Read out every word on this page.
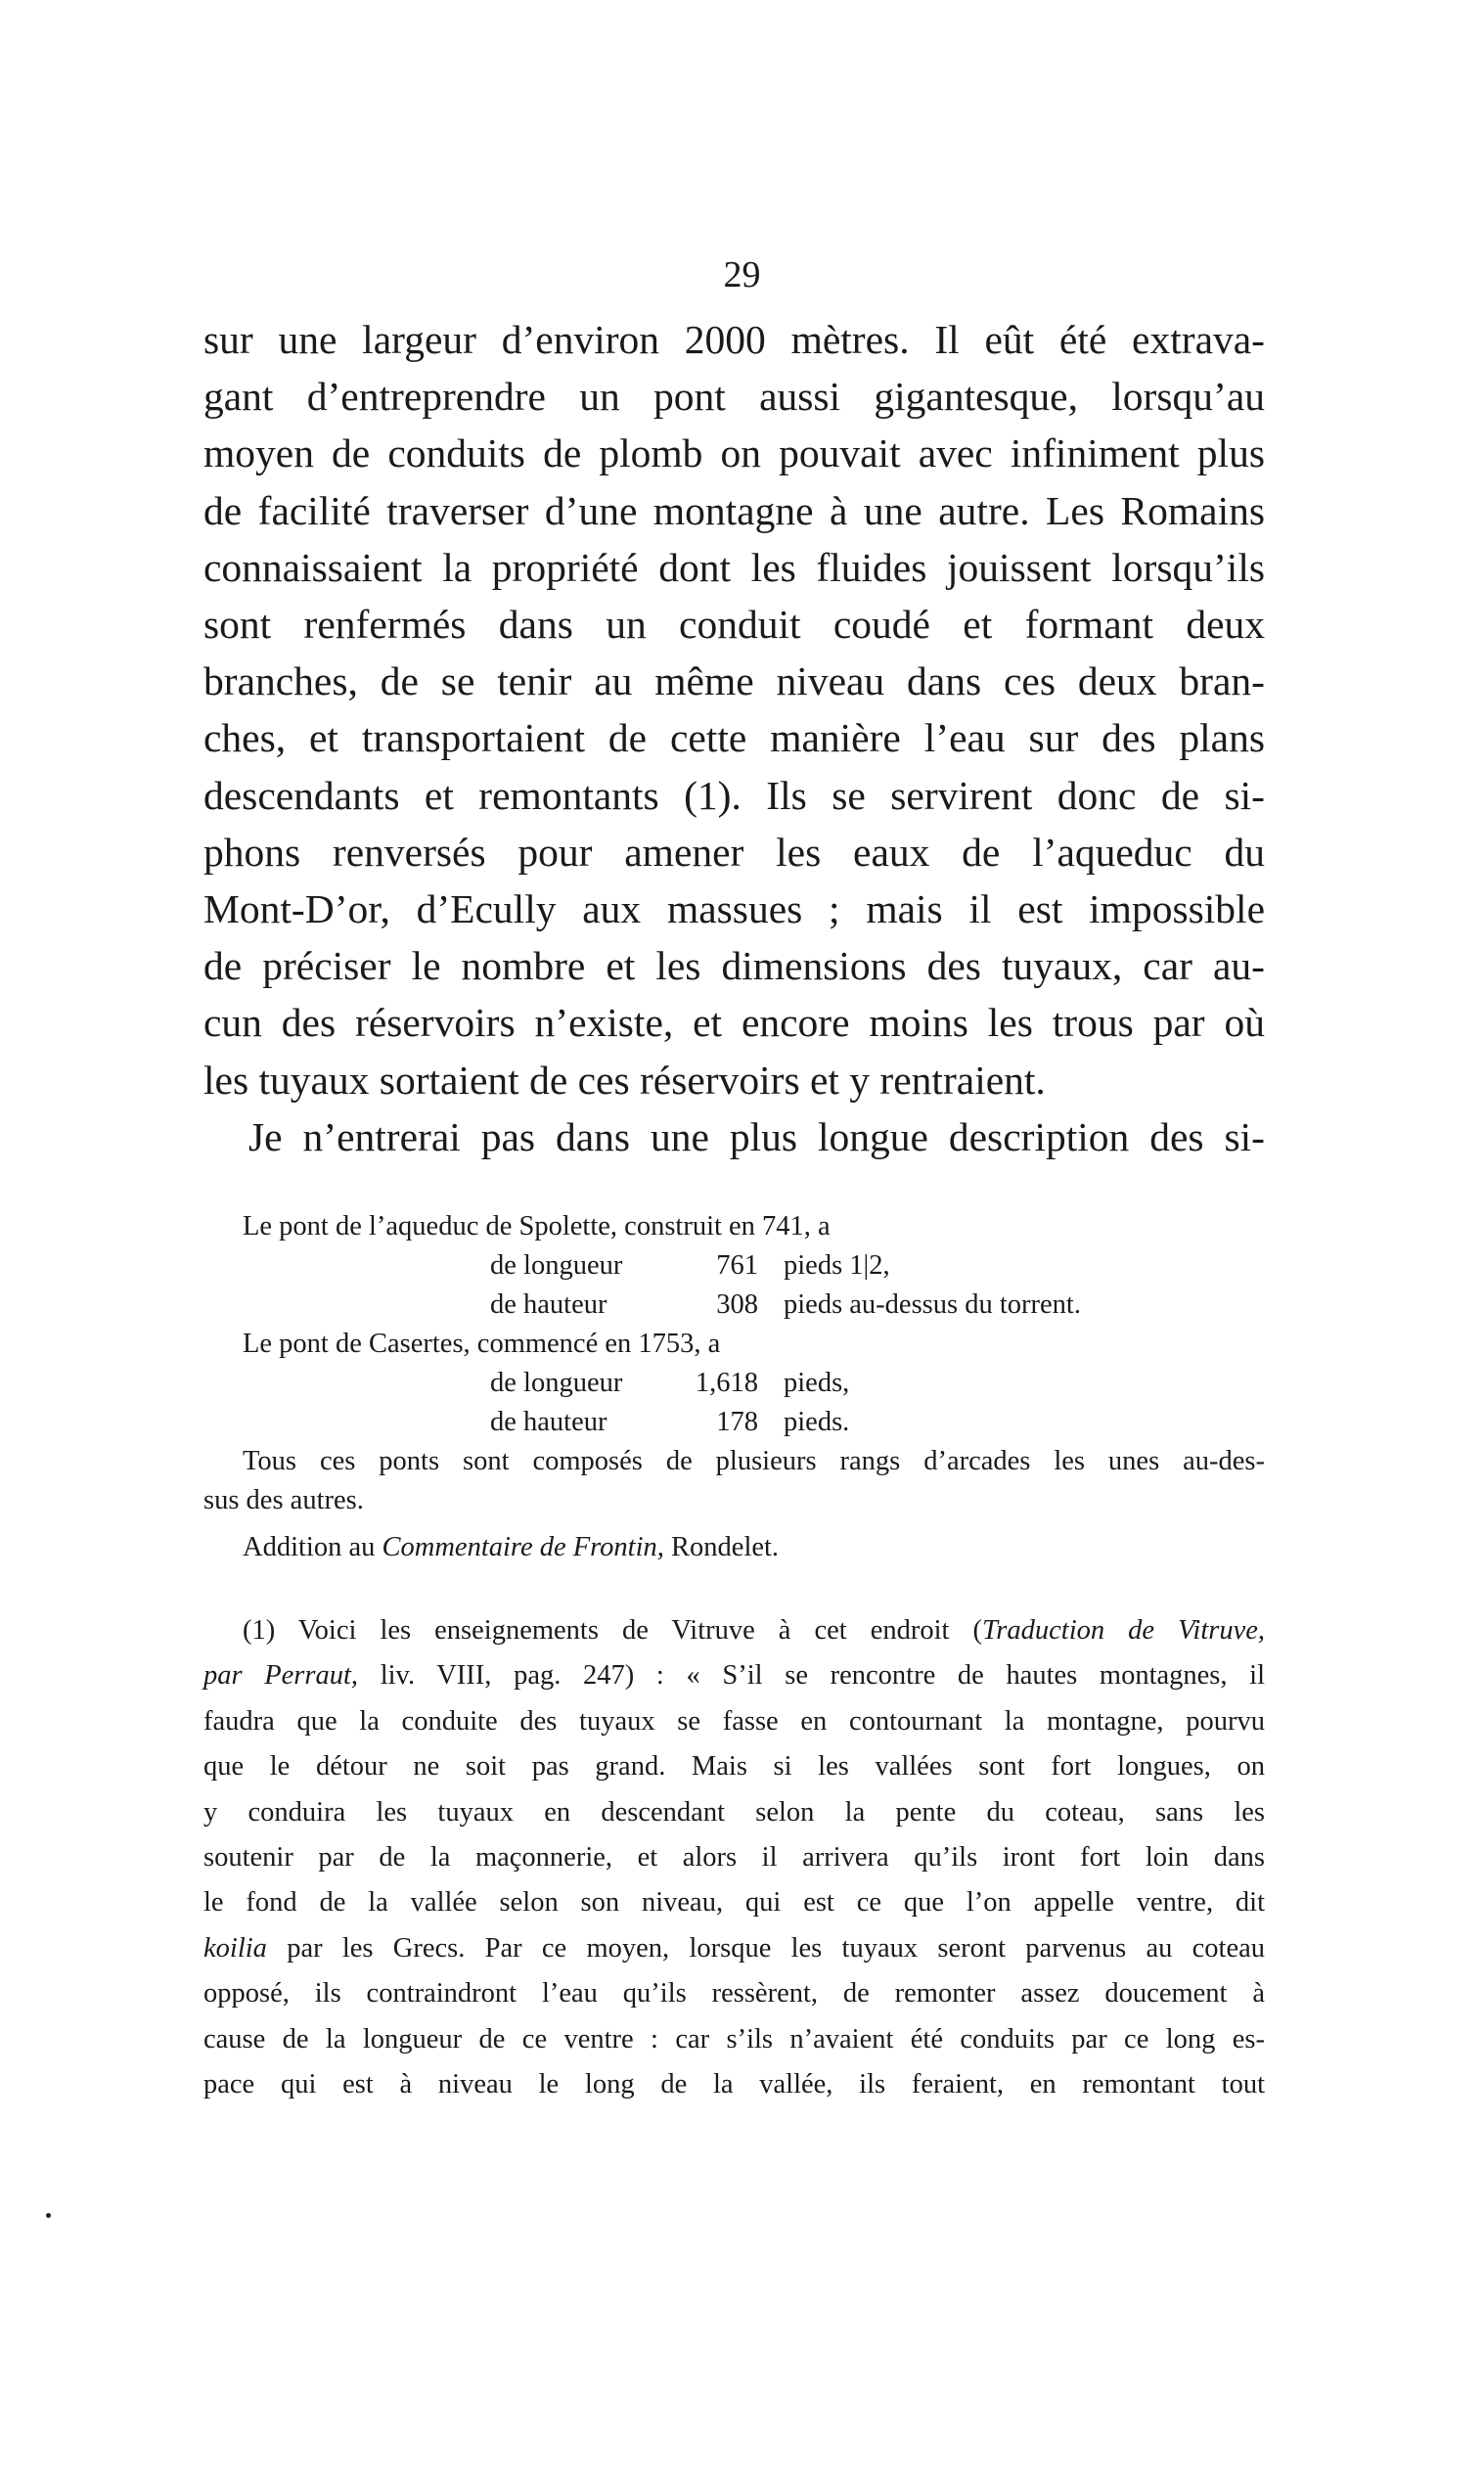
29
sur une largeur d’environ 2000 mètres. Il eût été extrava-
gant d’entreprendre un pont aussi gigantesque, lorsqu’au
moyen de conduits de plomb on pouvait avec infiniment plus
de facilité traverser d’une montagne à une autre. Les Romains
connaissaient la propriété dont les fluides jouissent lorsqu’ils
sont renfermés dans un conduit coudé et formant deux
branches, de se tenir au même niveau dans ces deux bran-
ches, et transportaient de cette manière l’eau sur des plans
descendants et remontants (1). Ils se servirent donc de si-
phons renversés pour amener les eaux de l’aqueduc du
Mont-D’or, d’Ecully aux massues ; mais il est impossible
de préciser le nombre et les dimensions des tuyaux, car au-
cun des réservoirs n’existe, et encore moins les trous par où
les tuyaux sortaient de ces réservoirs et y rentraient.
Je n’entrerai pas dans une plus longue description des si-
Le pont de l’aqueduc de Spolette, construit en 741, a
de longueur	761 pieds 1|2,
de hauteur	308 pieds au-dessus du torrent.
Le pont de Casertes, commencé en 1753, a
de longueur	1,618 pieds,
de hauteur	178 pieds.
Tous ces ponts sont composés de plusieurs rangs d’arcades les unes au-des-
sus des autres.
Addition au Commentaire de Frontin, Rondelet.
(1) Voici les enseignements de Vitruve à cet endroit (Traduction de Vitruve,
par Perraut, liv. VIII, pag. 247) : « S’il se rencontre de hautes montagnes, il
faudra que la conduite des tuyaux se fasse en contournant la montagne, pourvu
que le détour ne soit pas grand. Mais si les vallées sont fort longues, on
y conduira les tuyaux en descendant selon la pente du coteau, sans les
soutenir par de la maçonnerie, et alors il arrivera qu’ils iront fort loin dans
le fond de la vallée selon son niveau, qui est ce que l’on appelle ventre, dit
koilia par les Grecs. Par ce moyen, lorsque les tuyaux seront parvenus au coteau
opposé, ils contraindront l’eau qu’ils ressèrent, de remonter assez doucement à
cause de la longueur de ce ventre : car s’ils n’avaient été conduits par ce long es-
pace qui est à niveau le long de la vallée, ils feraient, en remontant tout
